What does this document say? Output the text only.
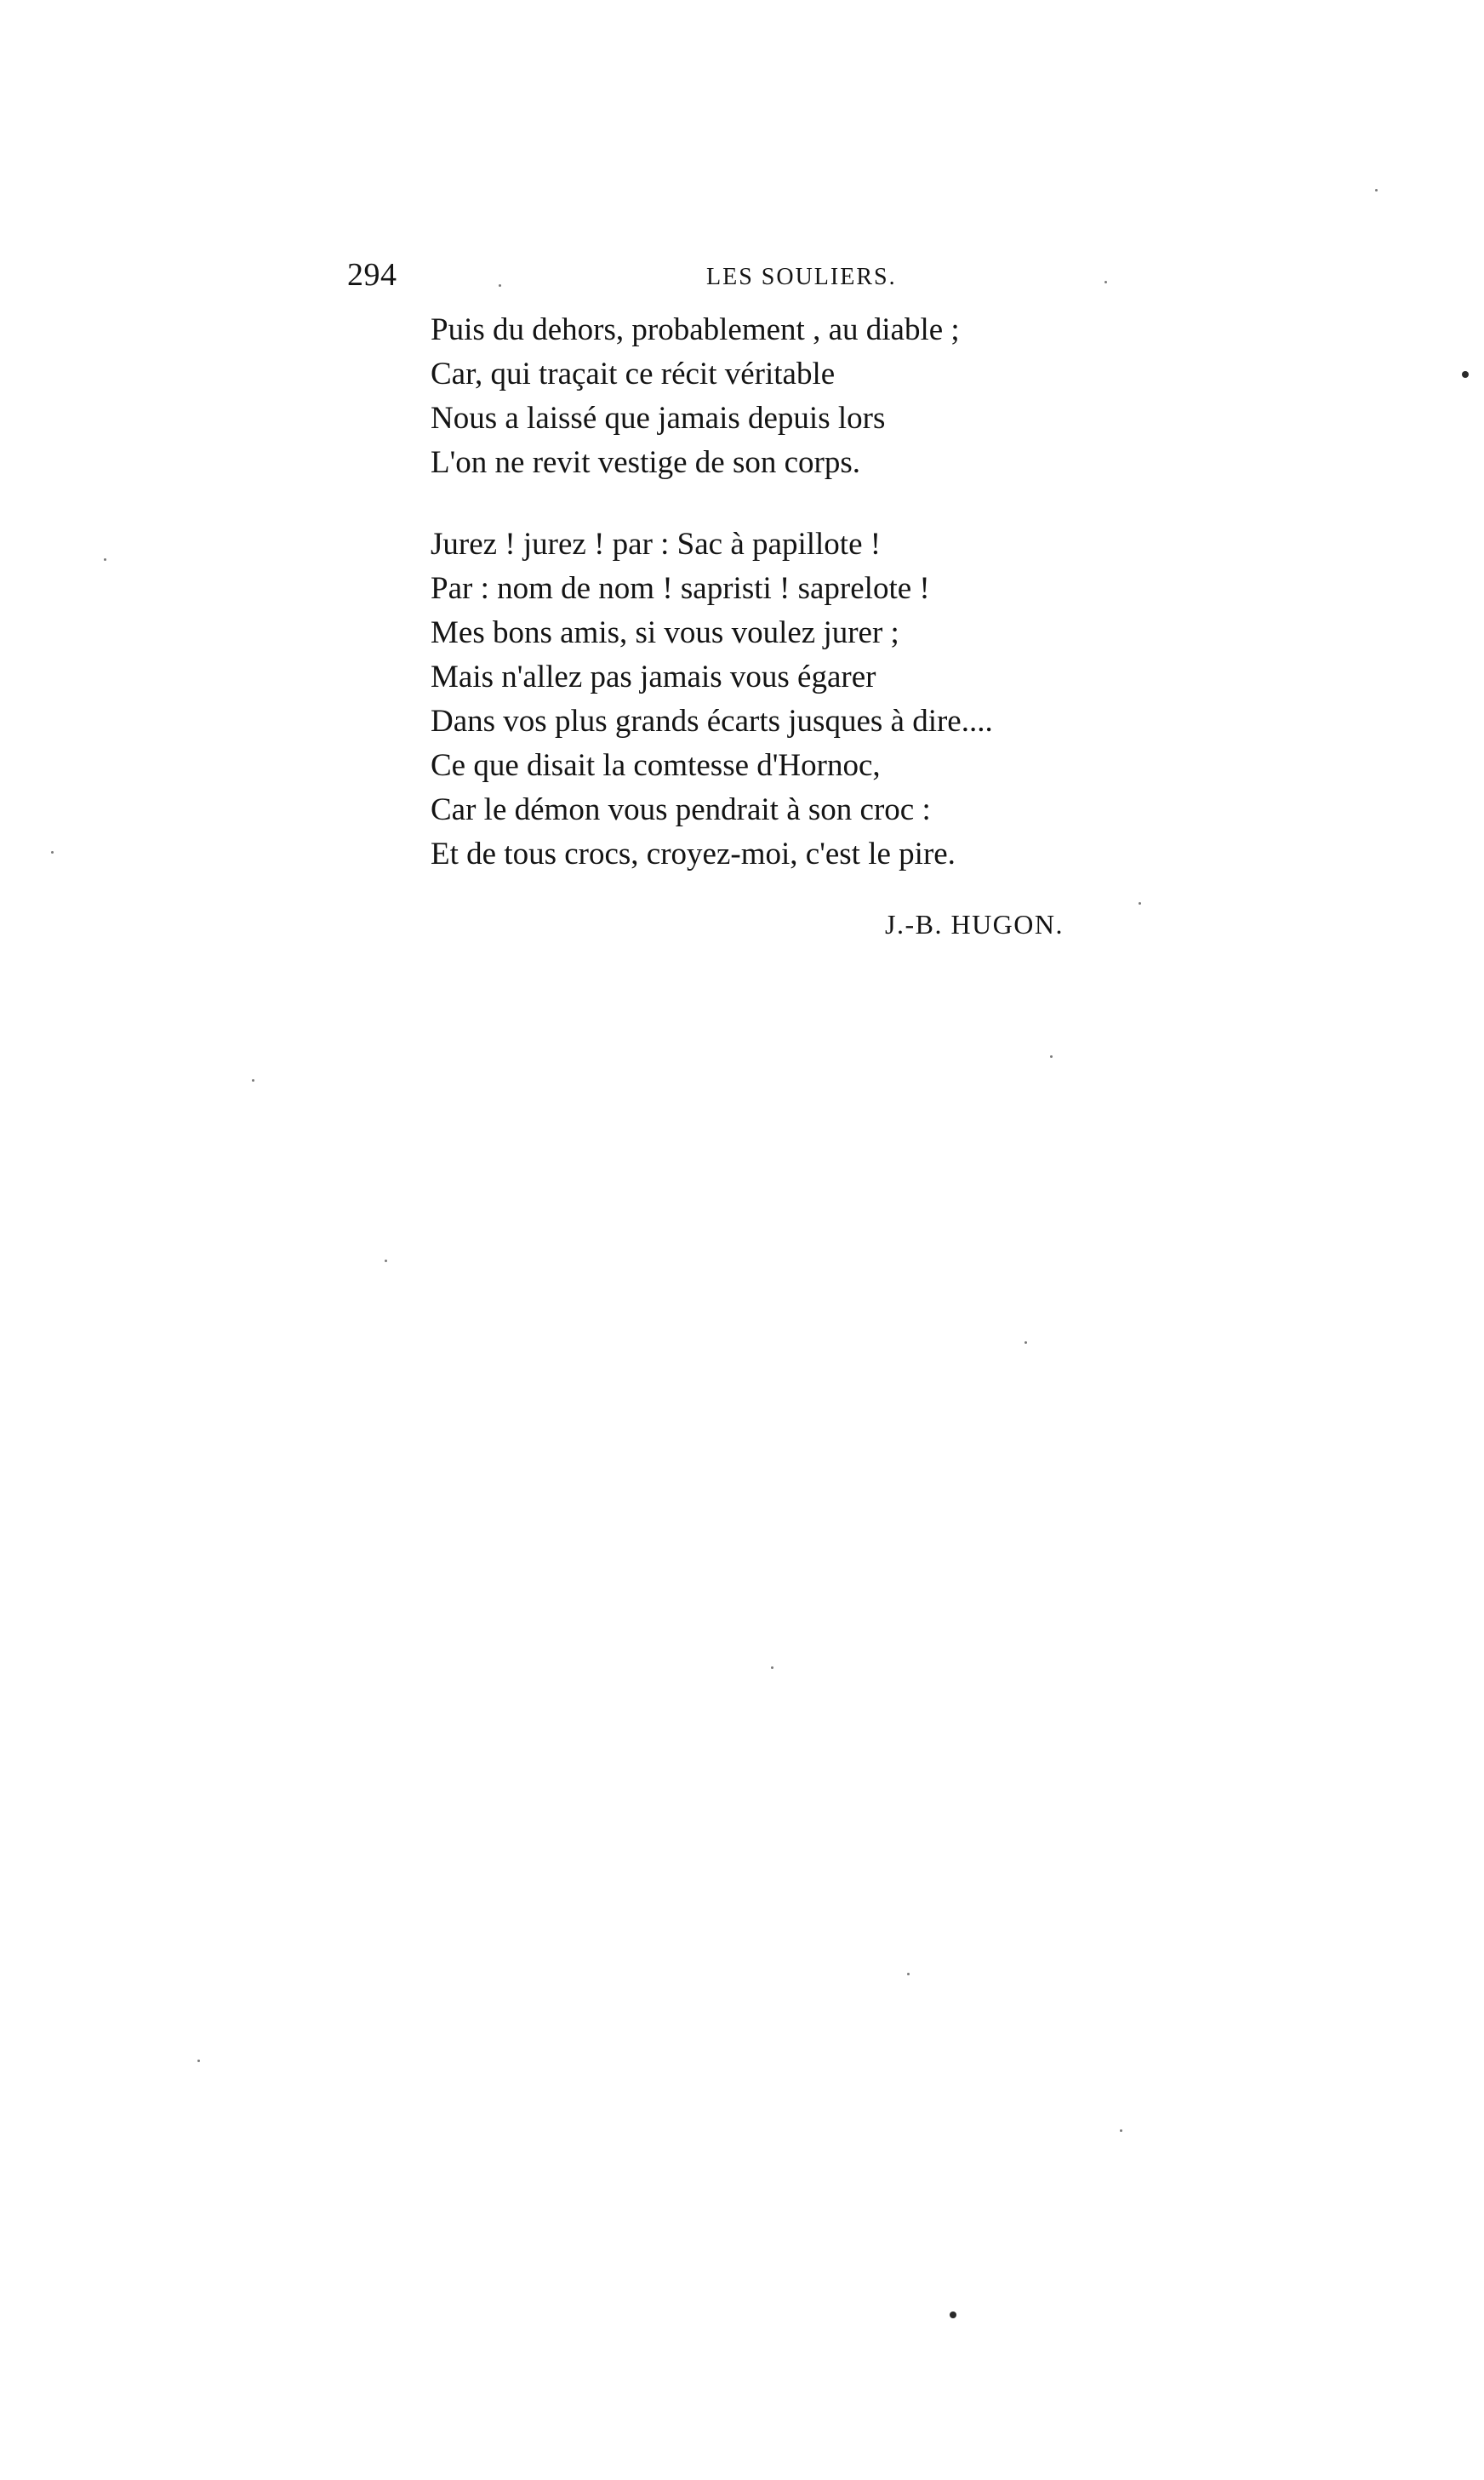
294	LES SOULIERS.
Puis du dehors, probablement , au diable ;
Car, qui traçait ce récit véritable
Nous a laissé que jamais depuis lors
L'on ne revit vestige de son corps.
Jurez ! jurez ! par : Sac à papillote !
Par : nom de nom ! sapristi ! saprelote !
Mes bons amis, si vous voulez jurer ;
Mais n'allez pas jamais vous égarer
Dans vos plus grands écarts jusques à dire....
Ce que disait la comtesse d'Hornoc,
Car le démon vous pendrait à son croc :
Et de tous crocs, croyez-moi, c'est le pire.
J.-B. HUGON.
